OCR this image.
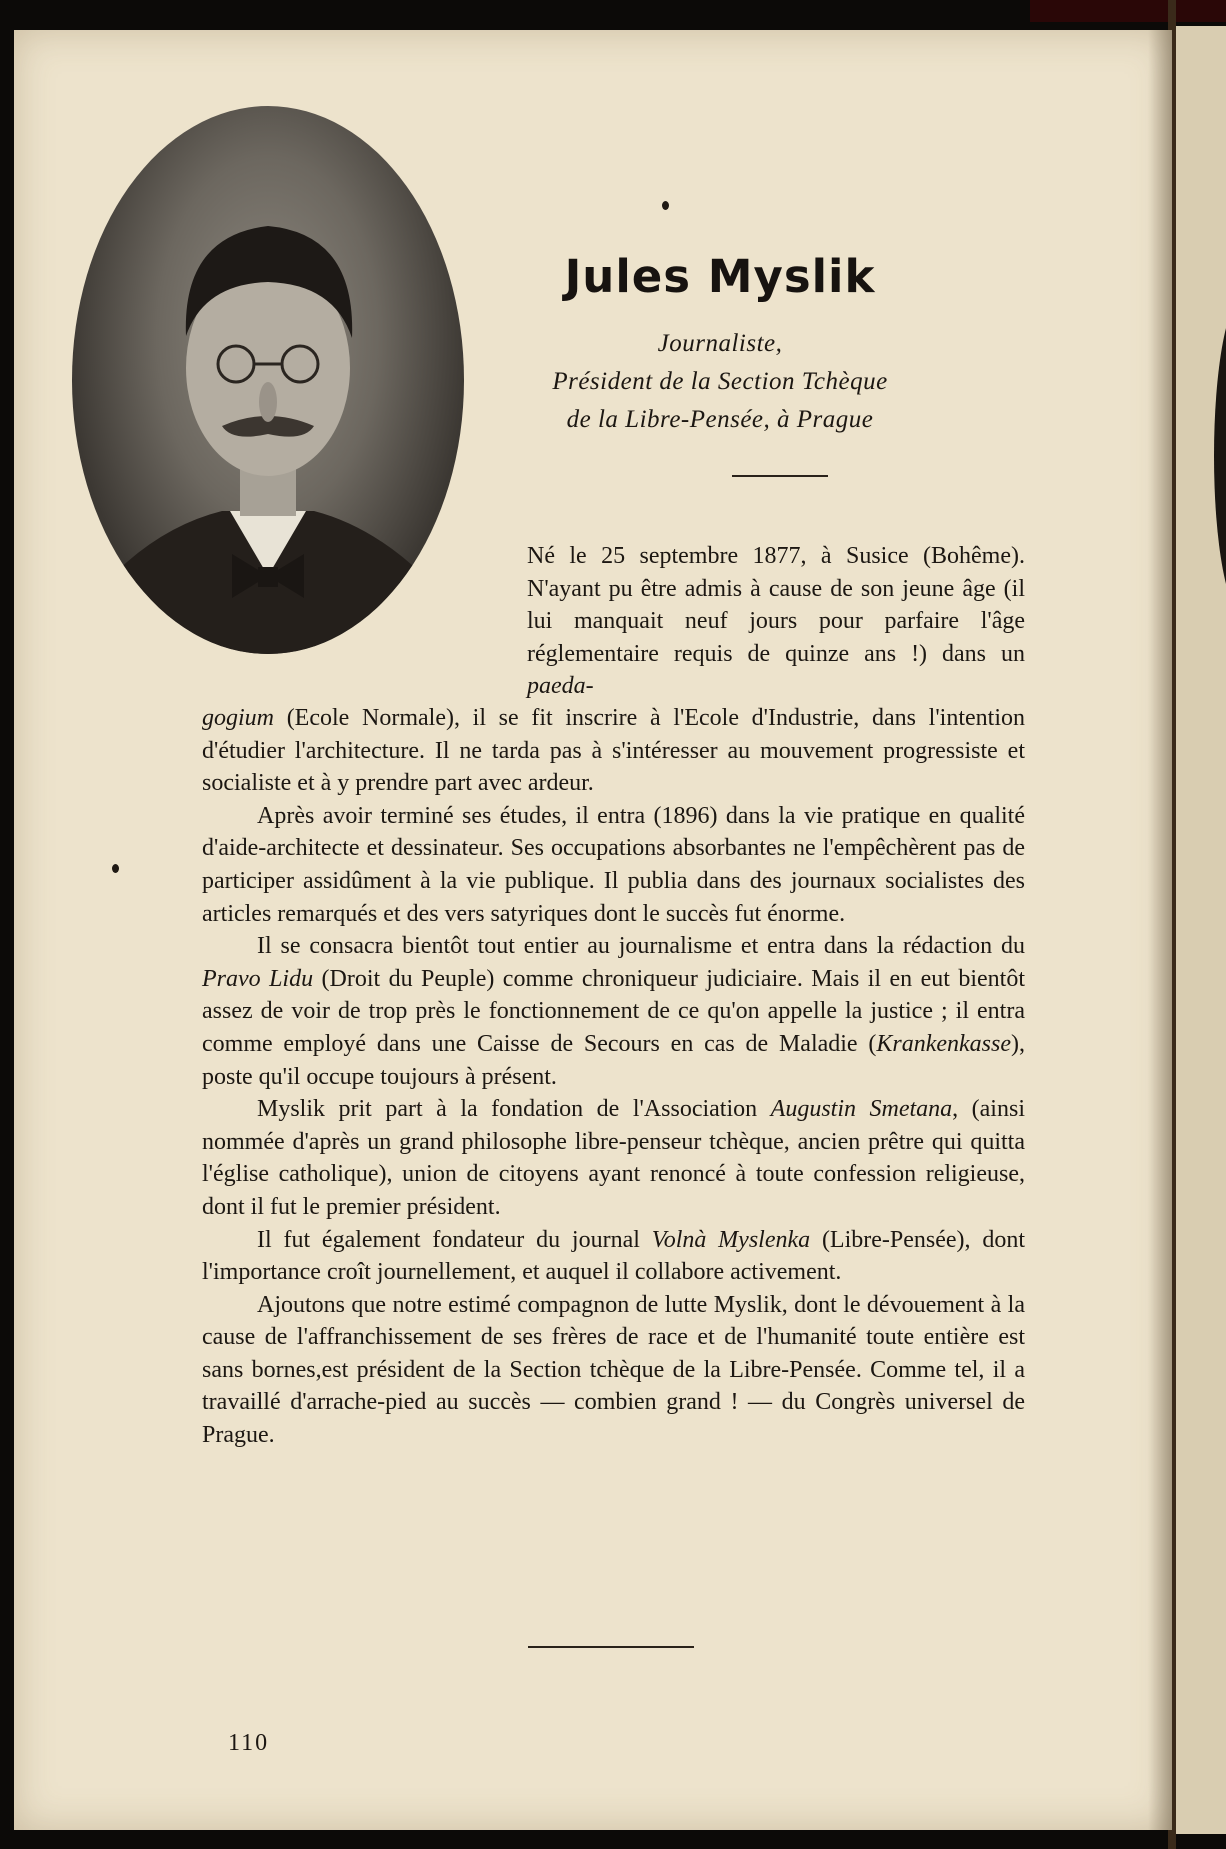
Jules Myslik

Journaliste,

Président de la Section Tchèque

de la Libre-Pensée, à Prague

Né le 25 septembre 1877, à Susice (Bohême). N'ayant pu être admis à cause de son jeune âge (il lui manquait neuf jours pour parfaire l'âge réglementaire requis de quinze ans !) dans un paeda-

gogium (Ecole Normale), il se fit inscrire à l'Ecole d'Industrie, dans l'intention d'étudier l'architecture. Il ne tarda pas à s'intéresser au mouvement progressiste et socialiste et à y prendre part avec ardeur.

Après avoir terminé ses études, il entra (1896) dans la vie pratique en qualité d'aide-architecte et dessinateur. Ses occupations absorbantes ne l'empêchèrent pas de participer assidûment à la vie publique. Il publia dans des journaux socialistes des articles remarqués et des vers satyriques dont le succès fut énorme.

Il se consacra bientôt tout entier au journalisme et entra dans la rédaction du Pravo Lidu (Droit du Peuple) comme chroniqueur judiciaire. Mais il en eut bientôt assez de voir de trop près le fonctionnement de ce qu'on appelle la justice ; il entra comme employé dans une Caisse de Secours en cas de Maladie (Krankenkasse), poste qu'il occupe toujours à présent.

Myslik prit part à la fondation de l'Association Augustin Smetana, (ainsi nommée d'après un grand philosophe libre-penseur tchèque, ancien prêtre qui quitta l'église catholique), union de citoyens ayant renoncé à toute confession religieuse, dont il fut le premier président.

Il fut également fondateur du journal Volnà Myslenka (Libre-Pensée), dont l'importance croît journellement, et auquel il collabore activement.

Ajoutons que notre estimé compagnon de lutte Myslik, dont le dévouement à la cause de l'affranchissement de ses frères de race et de l'humanité toute entière est sans bornes,est président de la Section tchèque de la Libre-Pensée. Comme tel, il a travaillé d'arrache-pied au succès — combien grand ! — du Congrès universel de Prague.

110
